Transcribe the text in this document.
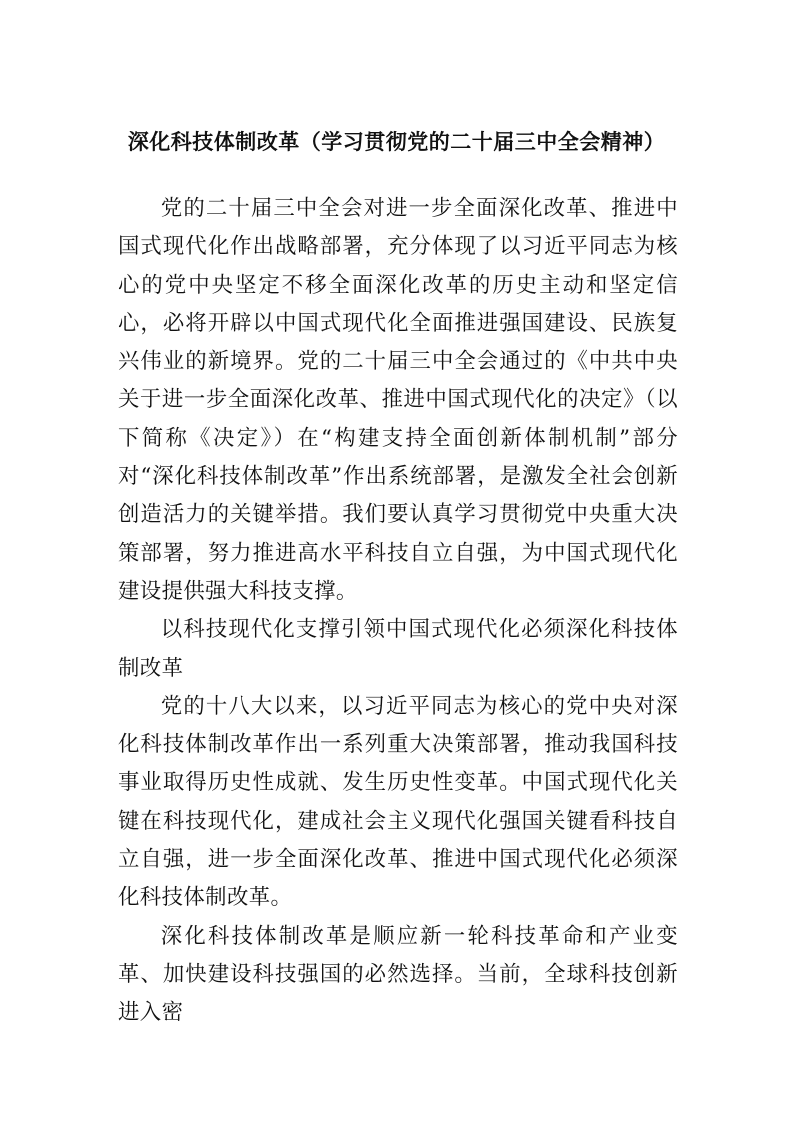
深化科技体制改革（学习贯彻党的二十届三中全会精神）

党的二十届三中全会对进一步全面深化改革、推进中国式现代化作出战略部署，充分体现了以习近平同志为核心的党中央坚定不移全面深化改革的历史主动和坚定信心，必将开辟以中国式现代化全面推进强国建设、民族复兴伟业的新境界。党的二十届三中全会通过的《中共中央关于进一步全面深化改革、推进中国式现代化的决定》（以下简称《决定》）在“构建支持全面创新体制机制”部分对“深化科技体制改革”作出系统部署，是激发全社会创新创造活力的关键举措。我们要认真学习贯彻党中央重大决策部署，努力推进高水平科技自立自强，为中国式现代化建设提供强大科技支撑。

以科技现代化支撑引领中国式现代化必须深化科技体制改革

党的十八大以来，以习近平同志为核心的党中央对深化科技体制改革作出一系列重大决策部署，推动我国科技事业取得历史性成就、发生历史性变革。中国式现代化关键在科技现代化，建成社会主义现代化强国关键看科技自立自强，进一步全面深化改革、推进中国式现代化必须深化科技体制改革。

深化科技体制改革是顺应新一轮科技革命和产业变革、加快建设科技强国的必然选择。当前，全球科技创新进入密
